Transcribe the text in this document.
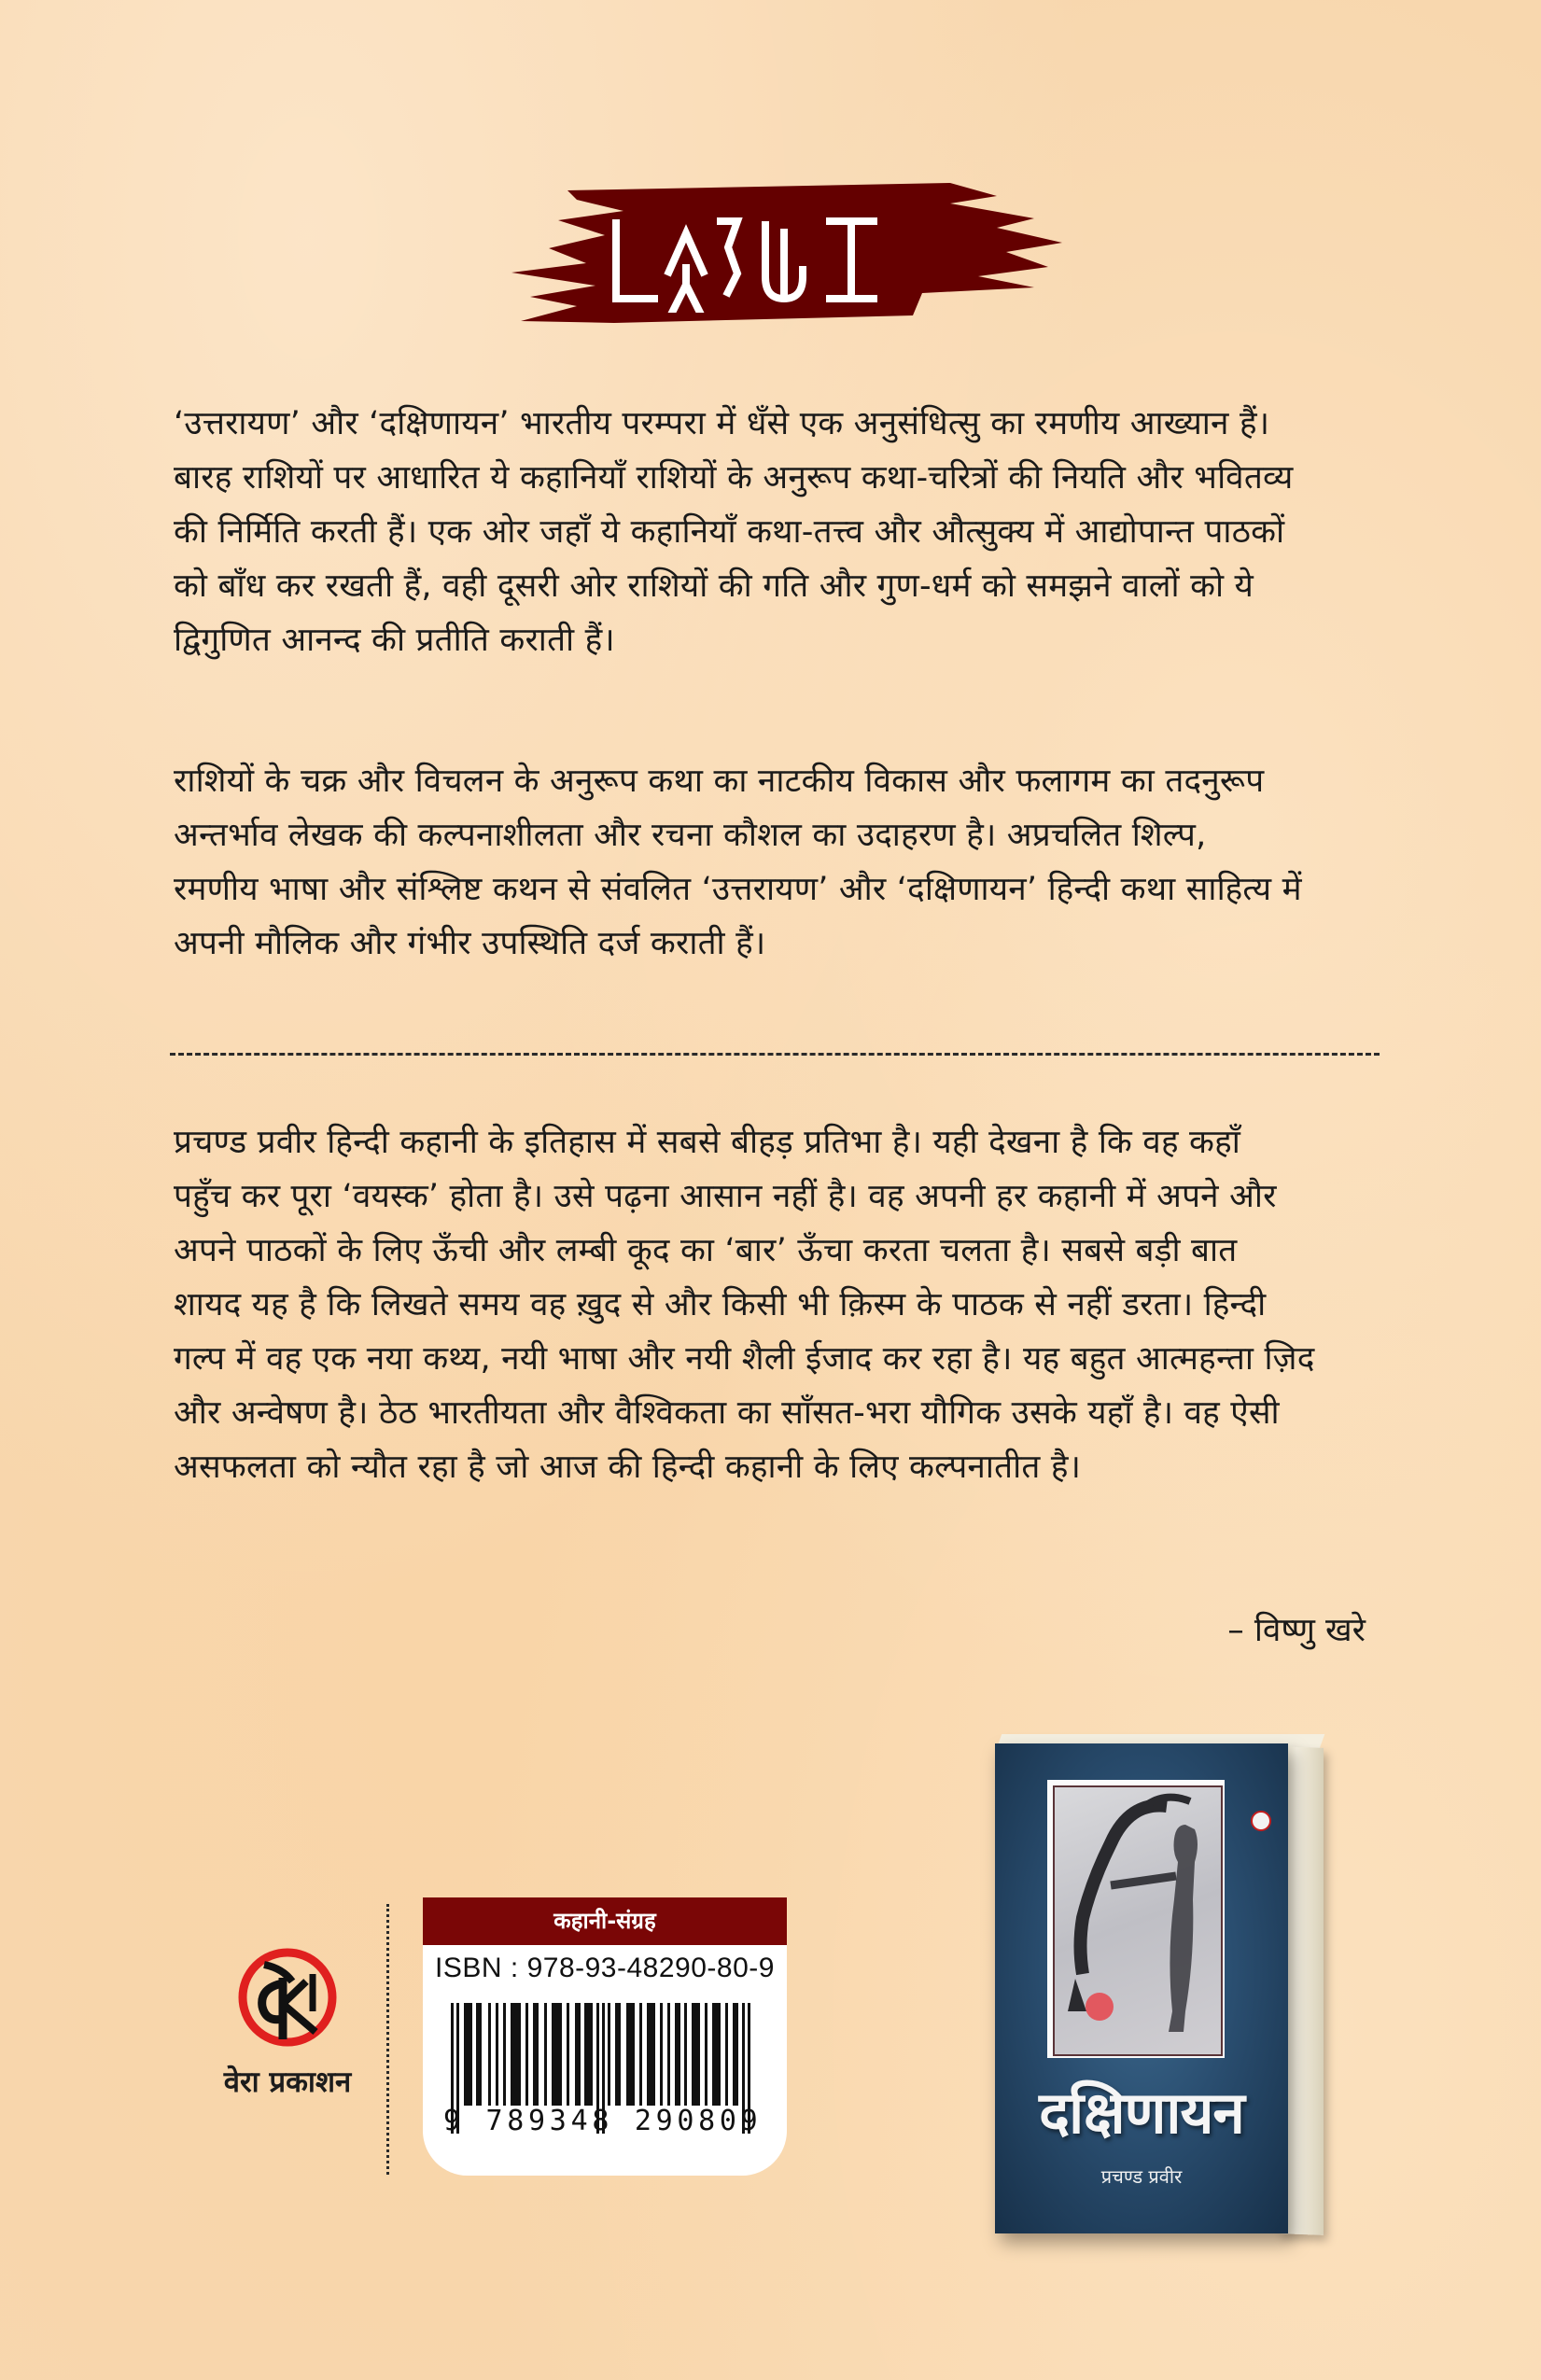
‘उत्तरायण’ और ‘दक्षिणायन’ भारतीय परम्परा में धँसे एक अनुसंधित्सु का रमणीय आख्यान हैं।

बारह राशियों पर आधारित ये कहानियाँ राशियों के अनुरूप कथा-चरित्रों की नियति और भवितव्य

की निर्मिति करती हैं। एक ओर जहाँ ये कहानियाँ कथा-तत्त्व और औत्सुक्य में आद्योपान्त पाठकों

को बाँध कर रखती हैं, वही दूसरी ओर राशियों की गति और गुण-धर्म को समझने वालों को ये

द्विगुणित आनन्द की प्रतीति कराती हैं।

राशियों के चक्र और विचलन के अनुरूप कथा का नाटकीय विकास और फलागम का तदनुरूप

अन्तर्भाव लेखक की कल्पनाशीलता और रचना कौशल का उदाहरण है। अप्रचलित शिल्प,

रमणीय भाषा और संश्लिष्ट कथन से संवलित ‘उत्तरायण’ और ‘दक्षिणायन’ हिन्दी कथा साहित्य में

अपनी मौलिक और गंभीर उपस्थिति दर्ज कराती हैं।

प्रचण्ड प्रवीर हिन्दी कहानी के इतिहास में सबसे बीहड़ प्रतिभा है। यही देखना है कि वह कहाँ

पहुँच कर पूरा ‘वयस्क’ होता है। उसे पढ़ना आसान नहीं है। वह अपनी हर कहानी में अपने और

अपने पाठकों के लिए ऊँची और लम्बी कूद का ‘बार’ ऊँचा करता चलता है। सबसे बड़ी बात

शायद यह है कि लिखते समय वह ख़ुद से और किसी भी क़िस्म के पाठक से नहीं डरता। हिन्दी

गल्प में वह एक नया कथ्य, नयी भाषा और नयी शैली ईजाद कर रहा है। यह बहुत आत्महन्ता ज़िद

और अन्वेषण है। ठेठ भारतीयता और वैश्विकता का साँसत-भरा यौगिक उसके यहाँ है। वह ऐसी

असफलता को न्यौत रहा है जो आज की हिन्दी कहानी के लिए कल्पनातीत है।

– विष्णु खरे
वेरा प्रकाशन
कहानी-संग्रह
ISBN : 978-93-48290-80-9
9 789348 290809	दक्षिणायन
प्रचण्ड प्रवीर
